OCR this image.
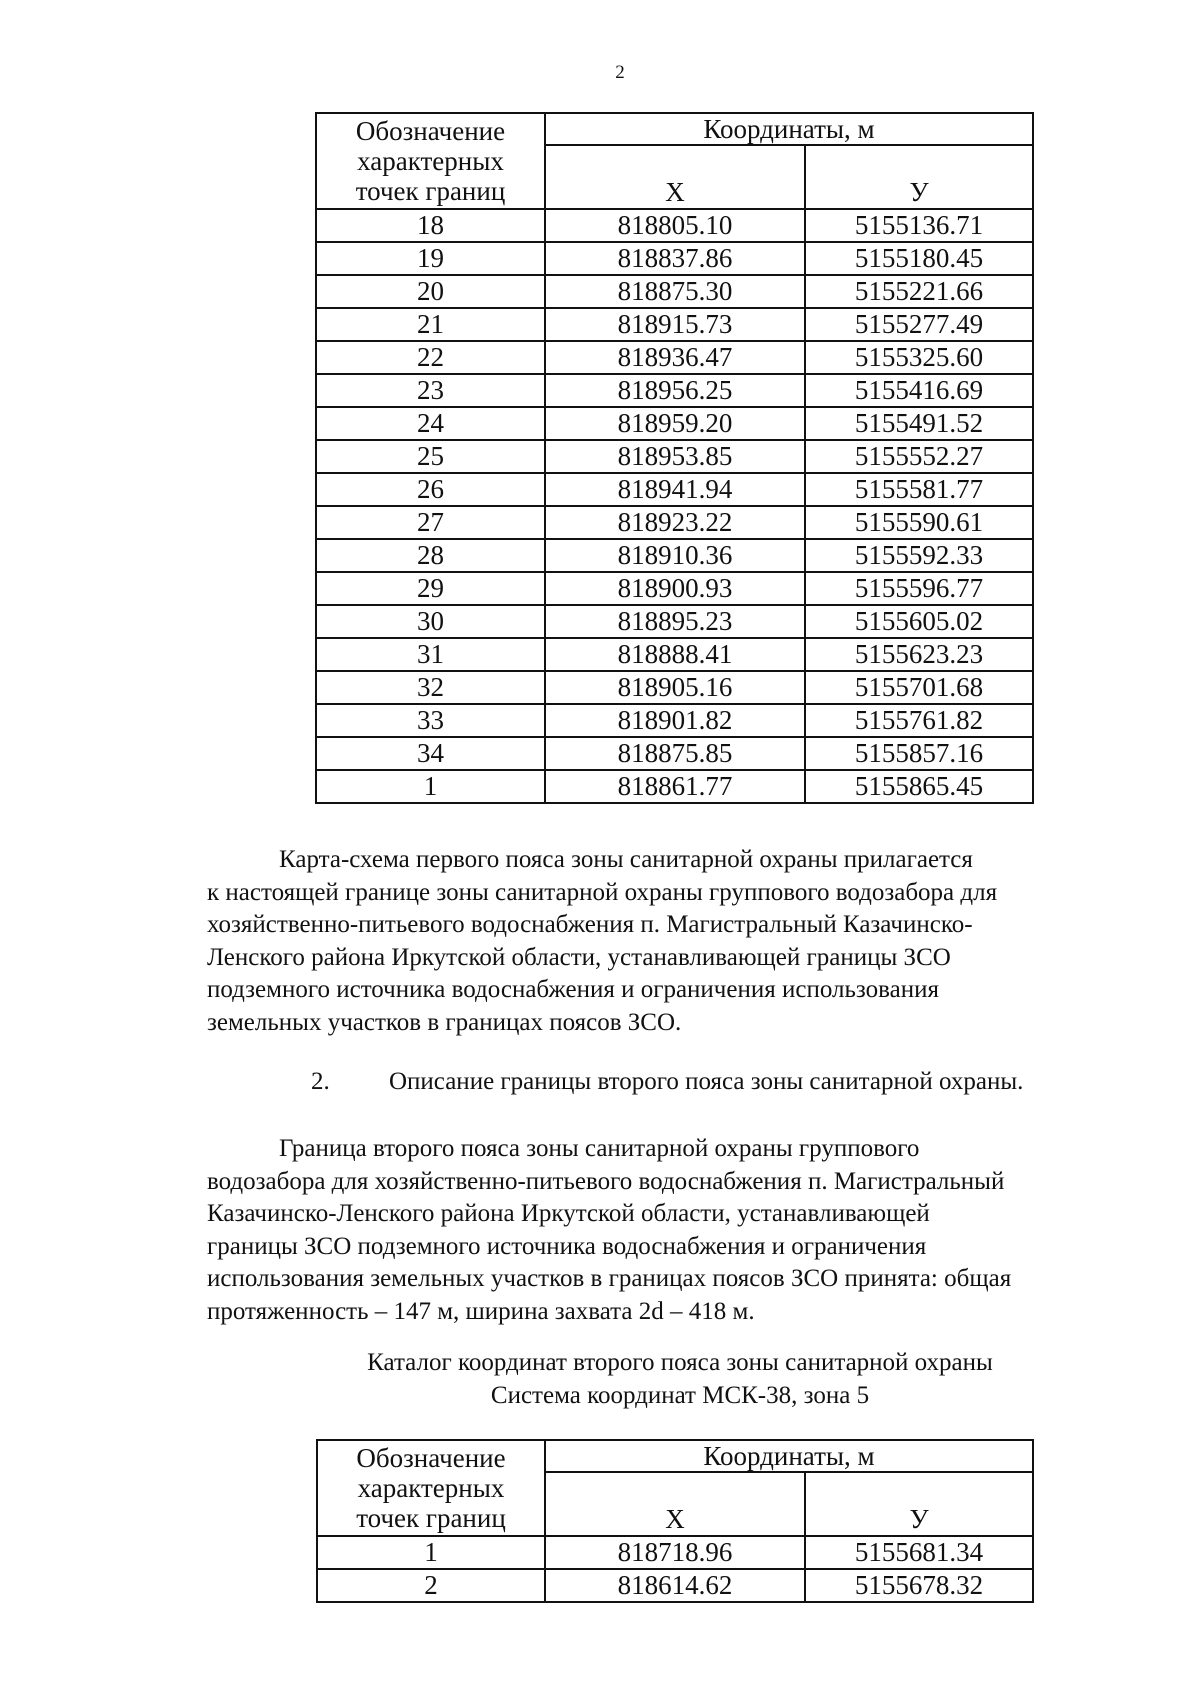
2
Обозначение
характерных
точек границ	Координаты, м	
	Х	У
18	818805.10	5155136.71
19	818837.86	5155180.45
20	818875.30	5155221.66
21	818915.73	5155277.49
22	818936.47	5155325.60
23	818956.25	5155416.69
24	818959.20	5155491.52
25	818953.85	5155552.27
26	818941.94	5155581.77
27	818923.22	5155590.61
28	818910.36	5155592.33
29	818900.93	5155596.77
30	818895.23	5155605.02
31	818888.41	5155623.23
32	818905.16	5155701.68
33	818901.82	5155761.82
34	818875.85	5155857.16
1	818861.77	5155865.45
Карта-схема первого пояса зоны санитарной охраны прилагается
к настоящей границе зоны санитарной охраны группового водозабора для
хозяйственно-питьевого водоснабжения п. Магистральный Казачинско-
Ленского района Иркутской области, устанавливающей границы ЗСО
подземного источника водоснабжения и ограничения использования
земельных участков в границах поясов ЗСО.
2. Описание границы второго пояса зоны санитарной охраны.
Граница второго пояса зоны санитарной охраны группового
водозабора для хозяйственно-питьевого водоснабжения п. Магистральный
Казачинско-Ленского района Иркутской области, устанавливающей
границы ЗСО подземного источника водоснабжения и ограничения
использования земельных участков в границах поясов ЗСО принята: общая
протяженность – 147 м, ширина захвата 2d – 418 м.
Каталог координат второго пояса зоны санитарной охраны
Система координат МСК-38, зона 5
Обозначение
характерных
точек границ	Координаты, м	
	Х	У
1	818718.96	5155681.34
2	818614.62	5155678.32
